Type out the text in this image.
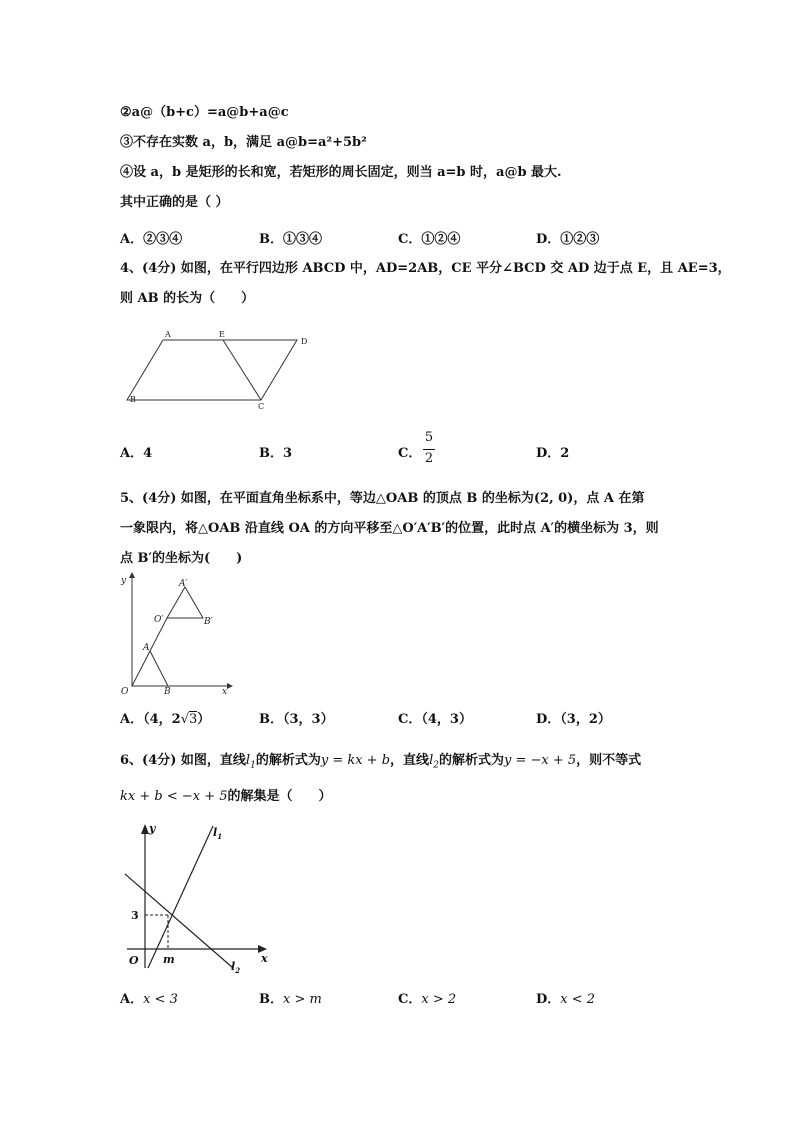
②a@（b+c）=a@b+a@c
③不存在实数 a，b，满足 a@b=a²+5b²
④设 a，b 是矩形的长和宽，若矩形的周长固定，则当 a=b 时，a@b 最大.
其中正确的是（ ）
A．②③④	B．①③④	C．①②④	D．①②③
4、(4分) 如图，在平行四边形 ABCD 中，AD=2AB，CE 平分∠BCD 交 AD 边于点 E，且 AE=3，
则 AB 的长为（　　）
A	E
D
B
C
A．4	B．3	C．
5
2	D．2
5、(4分) 如图，在平面直角坐标系中，等边△OAB 的顶点 B 的坐标为(2, 0)，点 A 在第
一象限内，将△OAB 沿直线 OA 的方向平移至△O′A′B′的位置，此时点 A′的横坐标为 3，则
点 B′的坐标为(　　)
y
x
O	B
A
O′
A′
B′
A．（4，2√3）	B．（3，3）	C．（4，3）	D．（3，2）
6、(4分) 如图，直线$l_1$的解析式为y = kx + b，直线$l_2$的解析式为y = −x + 5，则不等式
kx + b < −x + 5的解集是（　　）
y
x
O m
3
$l_1$
$l_2$
A．x < 3	B．x > m	C．x > 2	D．x < 2
